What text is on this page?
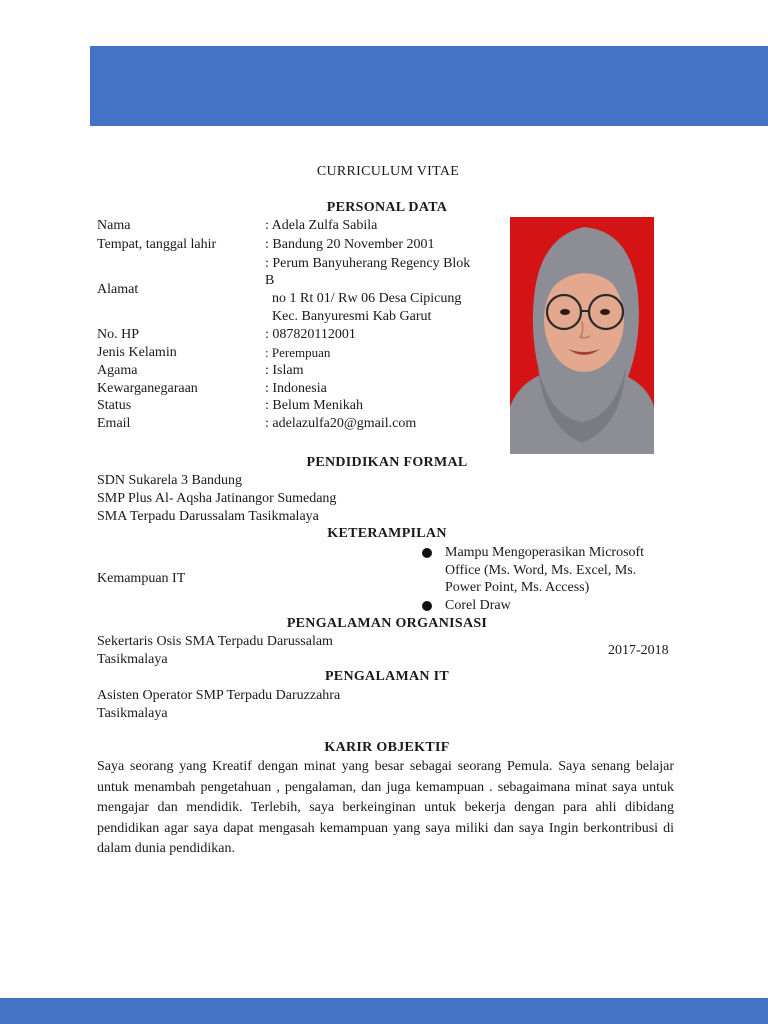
CURRICULUM VITAE
PERSONAL DATA
Nama	: Adela Zulfa Sabila
Tempat, tanggal lahir	: Bandung 20 November 2001
Alamat
: Perum Banyuherang Regency Blok
B
no 1 Rt 01/ Rw 06 Desa Cipicung
Kec. Banyuresmi Kab Garut
No. HP	: 087820112001
Jenis Kelamin	: Perempuan
Agama	: Islam
Kewarganegaraan	: Indonesia
Status	: Belum Menikah
Email	: adelazulfa20@gmail.com
PENDIDIKAN FORMAL
SDN Sukarela 3 Bandung
SMP Plus Al- Aqsha Jatinangor Sumedang
SMA Terpadu Darussalam Tasikmalaya
KETERAMPILAN
Kemampuan IT
Mampu Mengoperasikan Microsoft
Office (Ms. Word, Ms. Excel, Ms.
Power Point, Ms. Access)
Corel Draw
PENGALAMAN ORGANISASI
Sekertaris Osis SMA Terpadu Darussalam
Tasikmalaya
2017-2018
PENGALAMAN IT
Asisten Operator SMP Terpadu Daruzzahra
Tasikmalaya
KARIR OBJEKTIF
Saya seorang yang Kreatif dengan minat yang besar sebagai seorang Pemula. Saya senang belajar untuk menambah pengetahuan , pengalaman, dan juga kemampuan . sebagaimana minat saya untuk mengajar dan mendidik. Terlebih, saya berkeinginan untuk bekerja dengan para ahli dibidang pendidikan agar saya dapat mengasah kemampuan yang saya miliki dan saya Ingin berkontribusi di dalam dunia pendidikan.
